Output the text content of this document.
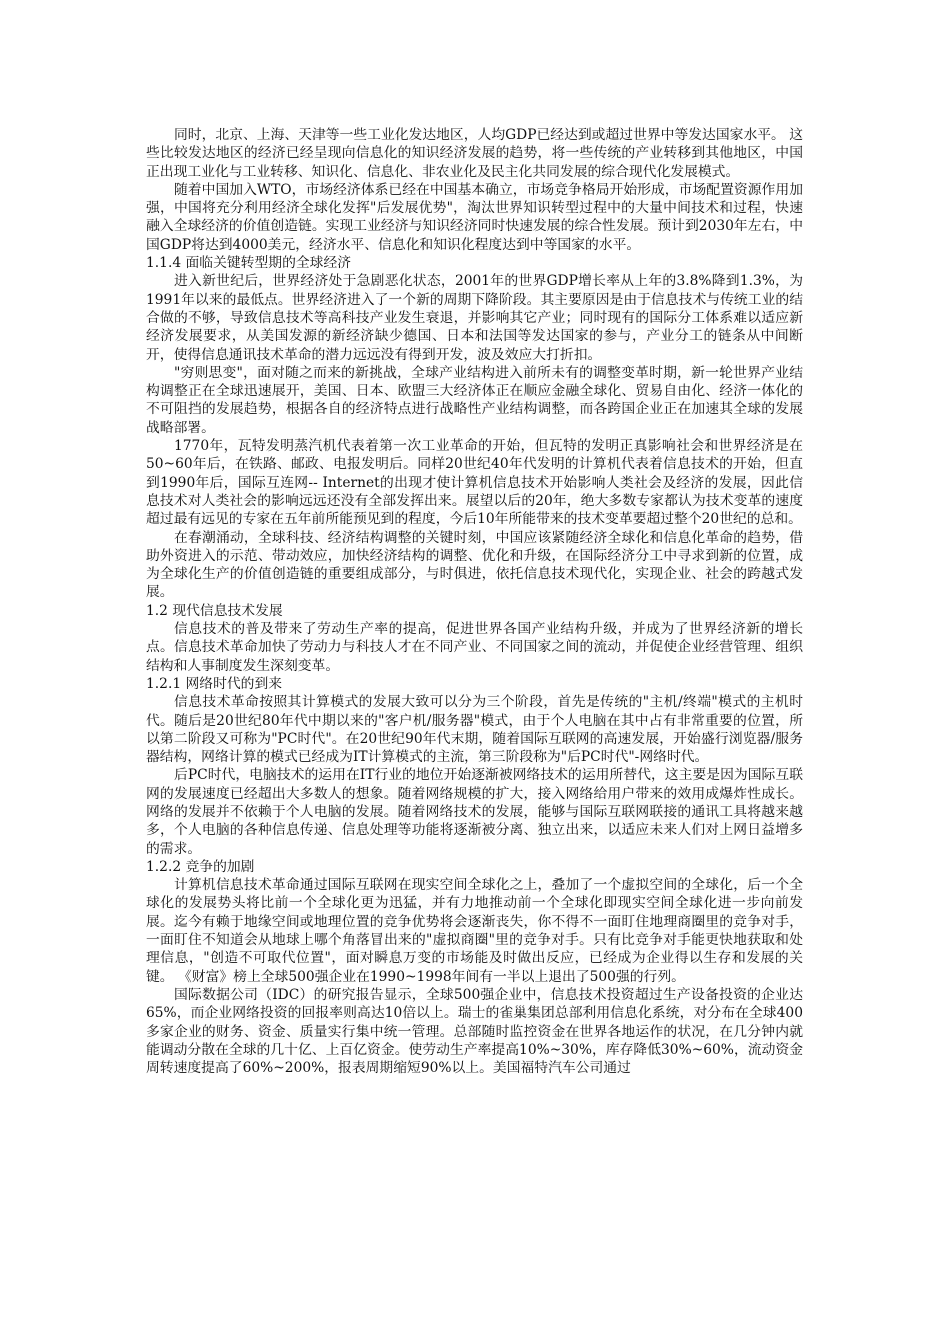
同时，北京、上海、天津等一些工业化发达地区，人均GDP已经达到或超过世界中等发达国家水平。 这些比较发达地区的经济已经呈现向信息化的知识经济发展的趋势，将一些传统的产业转移到其他地区，中国正出现工业化与工业转移、知识化、信息化、非农业化及民主化共同发展的综合现代化发展模式。

随着中国加入WTO，市场经济体系已经在中国基本确立，市场竞争格局开始形成，市场配置资源作用加强，中国将充分利用经济全球化发挥"后发展优势"，淘汰世界知识转型过程中的大量中间技术和过程，快速融入全球经济的价值创造链。实现工业经济与知识经济同时快速发展的综合性发展。预计到2030年左右，中国GDP将达到4000美元，经济水平、信息化和知识化程度达到中等国家的水平。

1.1.4 面临关键转型期的全球经济

进入新世纪后，世界经济处于急剧恶化状态，2001年的世界GDP增长率从上年的3.8%降到1.3%，为1991年以来的最低点。世界经济进入了一个新的周期下降阶段。其主要原因是由于信息技术与传统工业的结合做的不够，导致信息技术等高科技产业发生衰退，并影响其它产业；同时现有的国际分工体系难以适应新经济发展要求，从美国发源的新经济缺少德国、日本和法国等发达国家的参与，产业分工的链条从中间断开，使得信息通讯技术革命的潜力远远没有得到开发，波及效应大打折扣。

"穷则思变"，面对随之而来的新挑战，全球产业结构进入前所未有的调整变革时期，新一轮世界产业结构调整正在全球迅速展开，美国、日本、欧盟三大经济体正在顺应金融全球化、贸易自由化、经济一体化的不可阻挡的发展趋势，根据各自的经济特点进行战略性产业结构调整，而各跨国企业正在加速其全球的发展战略部署。

1770年，瓦特发明蒸汽机代表着第一次工业革命的开始，但瓦特的发明正真影响社会和世界经济是在50~60年后，在铁路、邮政、电报发明后。同样20世纪40年代发明的计算机代表着信息技术的开始，但直到1990年后，国际互连网-- Internet的出现才使计算机信息技术开始影响人类社会及经济的发展，因此信息技术对人类社会的影响远远还没有全部发挥出来。展望以后的20年，绝大多数专家都认为技术变革的速度超过最有远见的专家在五年前所能预见到的程度，今后10年所能带来的技术变革要超过整个20世纪的总和。

在春潮涌动，全球科技、经济结构调整的关键时刻，中国应该紧随经济全球化和信息化革命的趋势，借助外资进入的示范、带动效应，加快经济结构的调整、优化和升级，在国际经济分工中寻求到新的位置，成为全球化生产的价值创造链的重要组成部分，与时俱进，依托信息技术现代化，实现企业、社会的跨越式发展。

1.2 现代信息技术发展

信息技术的普及带来了劳动生产率的提高，促进世界各国产业结构升级，并成为了世界经济新的增长点。信息技术革命加快了劳动力与科技人才在不同产业、不同国家之间的流动，并促使企业经营管理、组织结构和人事制度发生深刻变革。

1.2.1 网络时代的到来

信息技术革命按照其计算模式的发展大致可以分为三个阶段，首先是传统的"主机/终端"模式的主机时代。随后是20世纪80年代中期以来的"客户机/服务器"模式，由于个人电脑在其中占有非常重要的位置，所以第二阶段又可称为"PC时代"。在20世纪90年代末期，随着国际互联网的高速发展，开始盛行浏览器/服务器结构，网络计算的模式已经成为IT计算模式的主流，第三阶段称为"后PC时代"-网络时代。

后PC时代，电脑技术的运用在IT行业的地位开始逐渐被网络技术的运用所替代，这主要是因为国际互联网的发展速度已经超出大多数人的想象。随着网络规模的扩大，接入网络给用户带来的效用成爆炸性成长。网络的发展并不依赖于个人电脑的发展。随着网络技术的发展，能够与国际互联网联接的通讯工具将越来越多，个人电脑的各种信息传递、信息处理等功能将逐渐被分离、独立出来，以适应未来人们对上网日益增多的需求。

1.2.2 竞争的加剧

计算机信息技术革命通过国际互联网在现实空间全球化之上，叠加了一个虚拟空间的全球化，后一个全球化的发展势头将比前一个全球化更为迅猛，并有力地推动前一个全球化即现实空间全球化进一步向前发展。迄今有赖于地缘空间或地理位置的竞争优势将会逐渐丧失，你不得不一面盯住地理商圈里的竞争对手，一面盯住不知道会从地球上哪个角落冒出来的"虚拟商圈"里的竞争对手。只有比竞争对手能更快地获取和处理信息，"创造不可取代位置"，面对瞬息万变的市场能及时做出反应，已经成为企业得以生存和发展的关键。 《财富》榜上全球500强企业在1990~1998年间有一半以上退出了500强的行列。

国际数据公司（IDC）的研究报告显示，全球500强企业中，信息技术投资超过生产设备投资的企业达65%，而企业网络投资的回报率则高达10倍以上。瑞士的雀巢集团总部利用信息化系统，对分布在全球400多家企业的财务、资金、质量实行集中统一管理。总部随时监控资金在世界各地运作的状况，在几分钟内就能调动分散在全球的几十亿、上百亿资金。使劳动生产率提高10%~30%，库存降低30%~60%，流动资金周转速度提高了60%~200%，报表周期缩短90%以上。美国福特汽车公司通过
